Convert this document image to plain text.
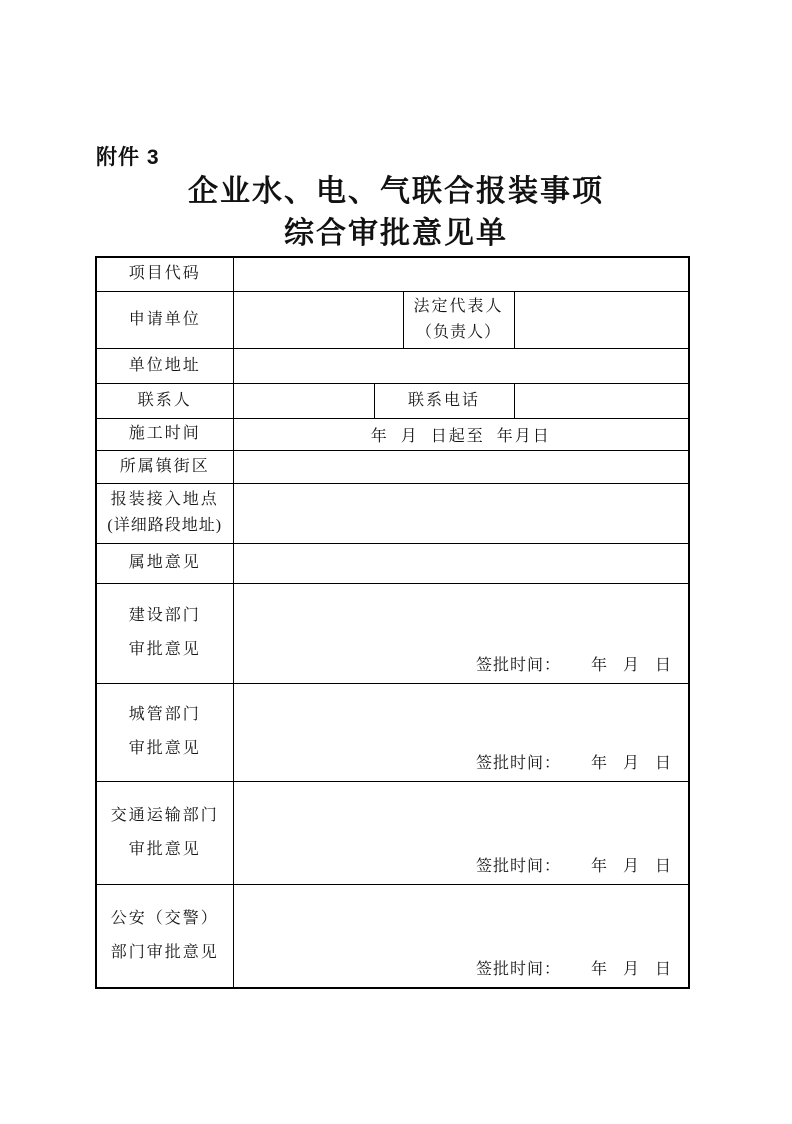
附件 3
企业水、电、气联合报装事项
综合审批意见单
项目代码				
申请单位			法定代表人
（负责人）	

单位地址				
联系人		联系电话		
施工时间	年  月  日起至  年月日			
所属镇街区				

报装接入地点
(详细路段地址)				

属地意见				

建设部门
审批意见	签批时间：      年   月   日			

城管部门
审批意见	签批时间：      年   月   日			

交通运输部门
审批意见	签批时间：      年   月   日			

公安（交警）
部门审批意见	签批时间：      年   月   日			
